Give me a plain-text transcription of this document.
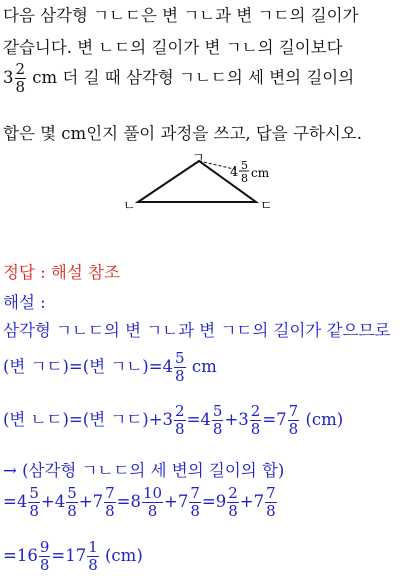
다음 삼각형 ㄱㄴㄷ은 변 ㄱㄴ과 변 ㄱㄷ의 길이가
같습니다. 변 ㄴㄷ의 길이가 변 ㄱㄴ의 길이보다
$3 \frac{2}{8}$ cm 더 길 때 삼각형 ㄱㄴㄷ의 세 변의 길이의
합은 몇 cm인지 풀이 과정을 쓰고, 답을 구하시오.
ㄱ
ㄴ	ㄷ
4 5
8 cm
정답 : 해설 참조
해설 :
삼각형 ㄱㄴㄷ의 변 ㄱㄴ과 변 ㄱㄷ의 길이가 같으므로
(변 ㄱㄷ)=(변 ㄱㄴ)$=4 \frac{5}{8}$ cm
(변 ㄴㄷ)=(변 ㄱㄷ)$+3 \frac{2}{8} =4 \frac{5}{8} +3 \frac{2}{8} =7 \frac{7}{8} (cm)$
→ (삼각형 ㄱㄴㄷ의 세 변의 길이의 합)
$=4 \frac{5}{8} +4 \frac{5}{8} +7 \frac{7}{8} =8 \frac{10}{8} +7 \frac{7}{8} =9 \frac{2}{8} +7 \frac{7}{8}$
$=16 \frac{9}{8} =17 \frac{1}{8} (cm)$
